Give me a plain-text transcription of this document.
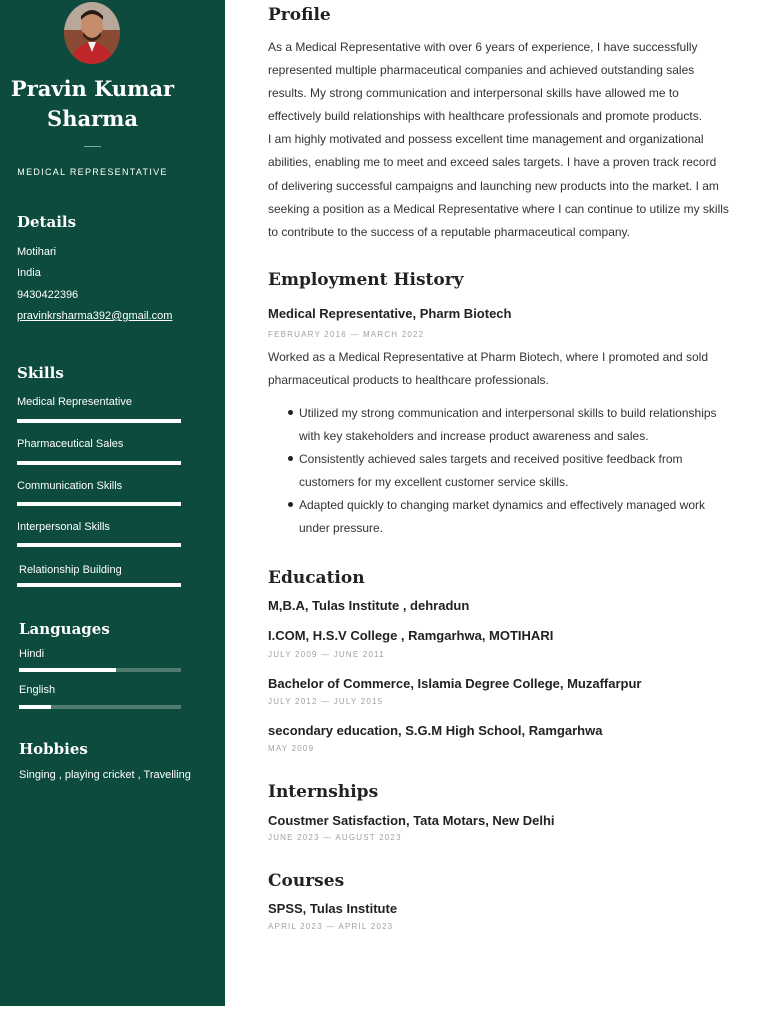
Pravin Kumar
Sharma
MEDICAL REPRESENTATIVE
Details
Motihari
India
9430422396
pravinkrsharma392@gmail.com
Skills
Medical Representative
Pharmaceutical Sales
Communication Skills
Interpersonal Skills
Relationship Building
Languages
Hindi
English
Hobbies
Singing , playing cricket , Travelling
Profile
As a Medical Representative with over 6 years of experience, I have successfully
represented multiple pharmaceutical companies and achieved outstanding sales
results. My strong communication and interpersonal skills have allowed me to
effectively build relationships with healthcare professionals and promote products.
I am highly motivated and possess excellent time management and organizational
abilities, enabling me to meet and exceed sales targets. I have a proven track record
of delivering successful campaigns and launching new products into the market. I am
seeking a position as a Medical Representative where I can continue to utilize my skills
to contribute to the success of a reputable pharmaceutical company.
Employment History
Medical Representative, Pharm Biotech
FEBRUARY 2016 — MARCH 2022
Worked as a Medical Representative at Pharm Biotech, where I promoted and sold
pharmaceutical products to healthcare professionals.
Utilized my strong communication and interpersonal skills to build relationships
with key stakeholders and increase product awareness and sales.
Consistently achieved sales targets and received positive feedback from
customers for my excellent customer service skills.
Adapted quickly to changing market dynamics and effectively managed work
under pressure.
Education
M,B.A, Tulas Institute , dehradun
I.COM, H.S.V College , Ramgarhwa, MOTIHARI
JULY 2009 — JUNE 2011
Bachelor of Commerce, Islamia Degree College, Muzaffarpur
JULY 2012 — JULY 2015
secondary education, S.G.M High School, Ramgarhwa
MAY 2009
Internships
Coustmer Satisfaction, Tata Motars, New Delhi
JUNE 2023 — AUGUST 2023
Courses
SPSS, Tulas Institute
APRIL 2023 — APRIL 2023
